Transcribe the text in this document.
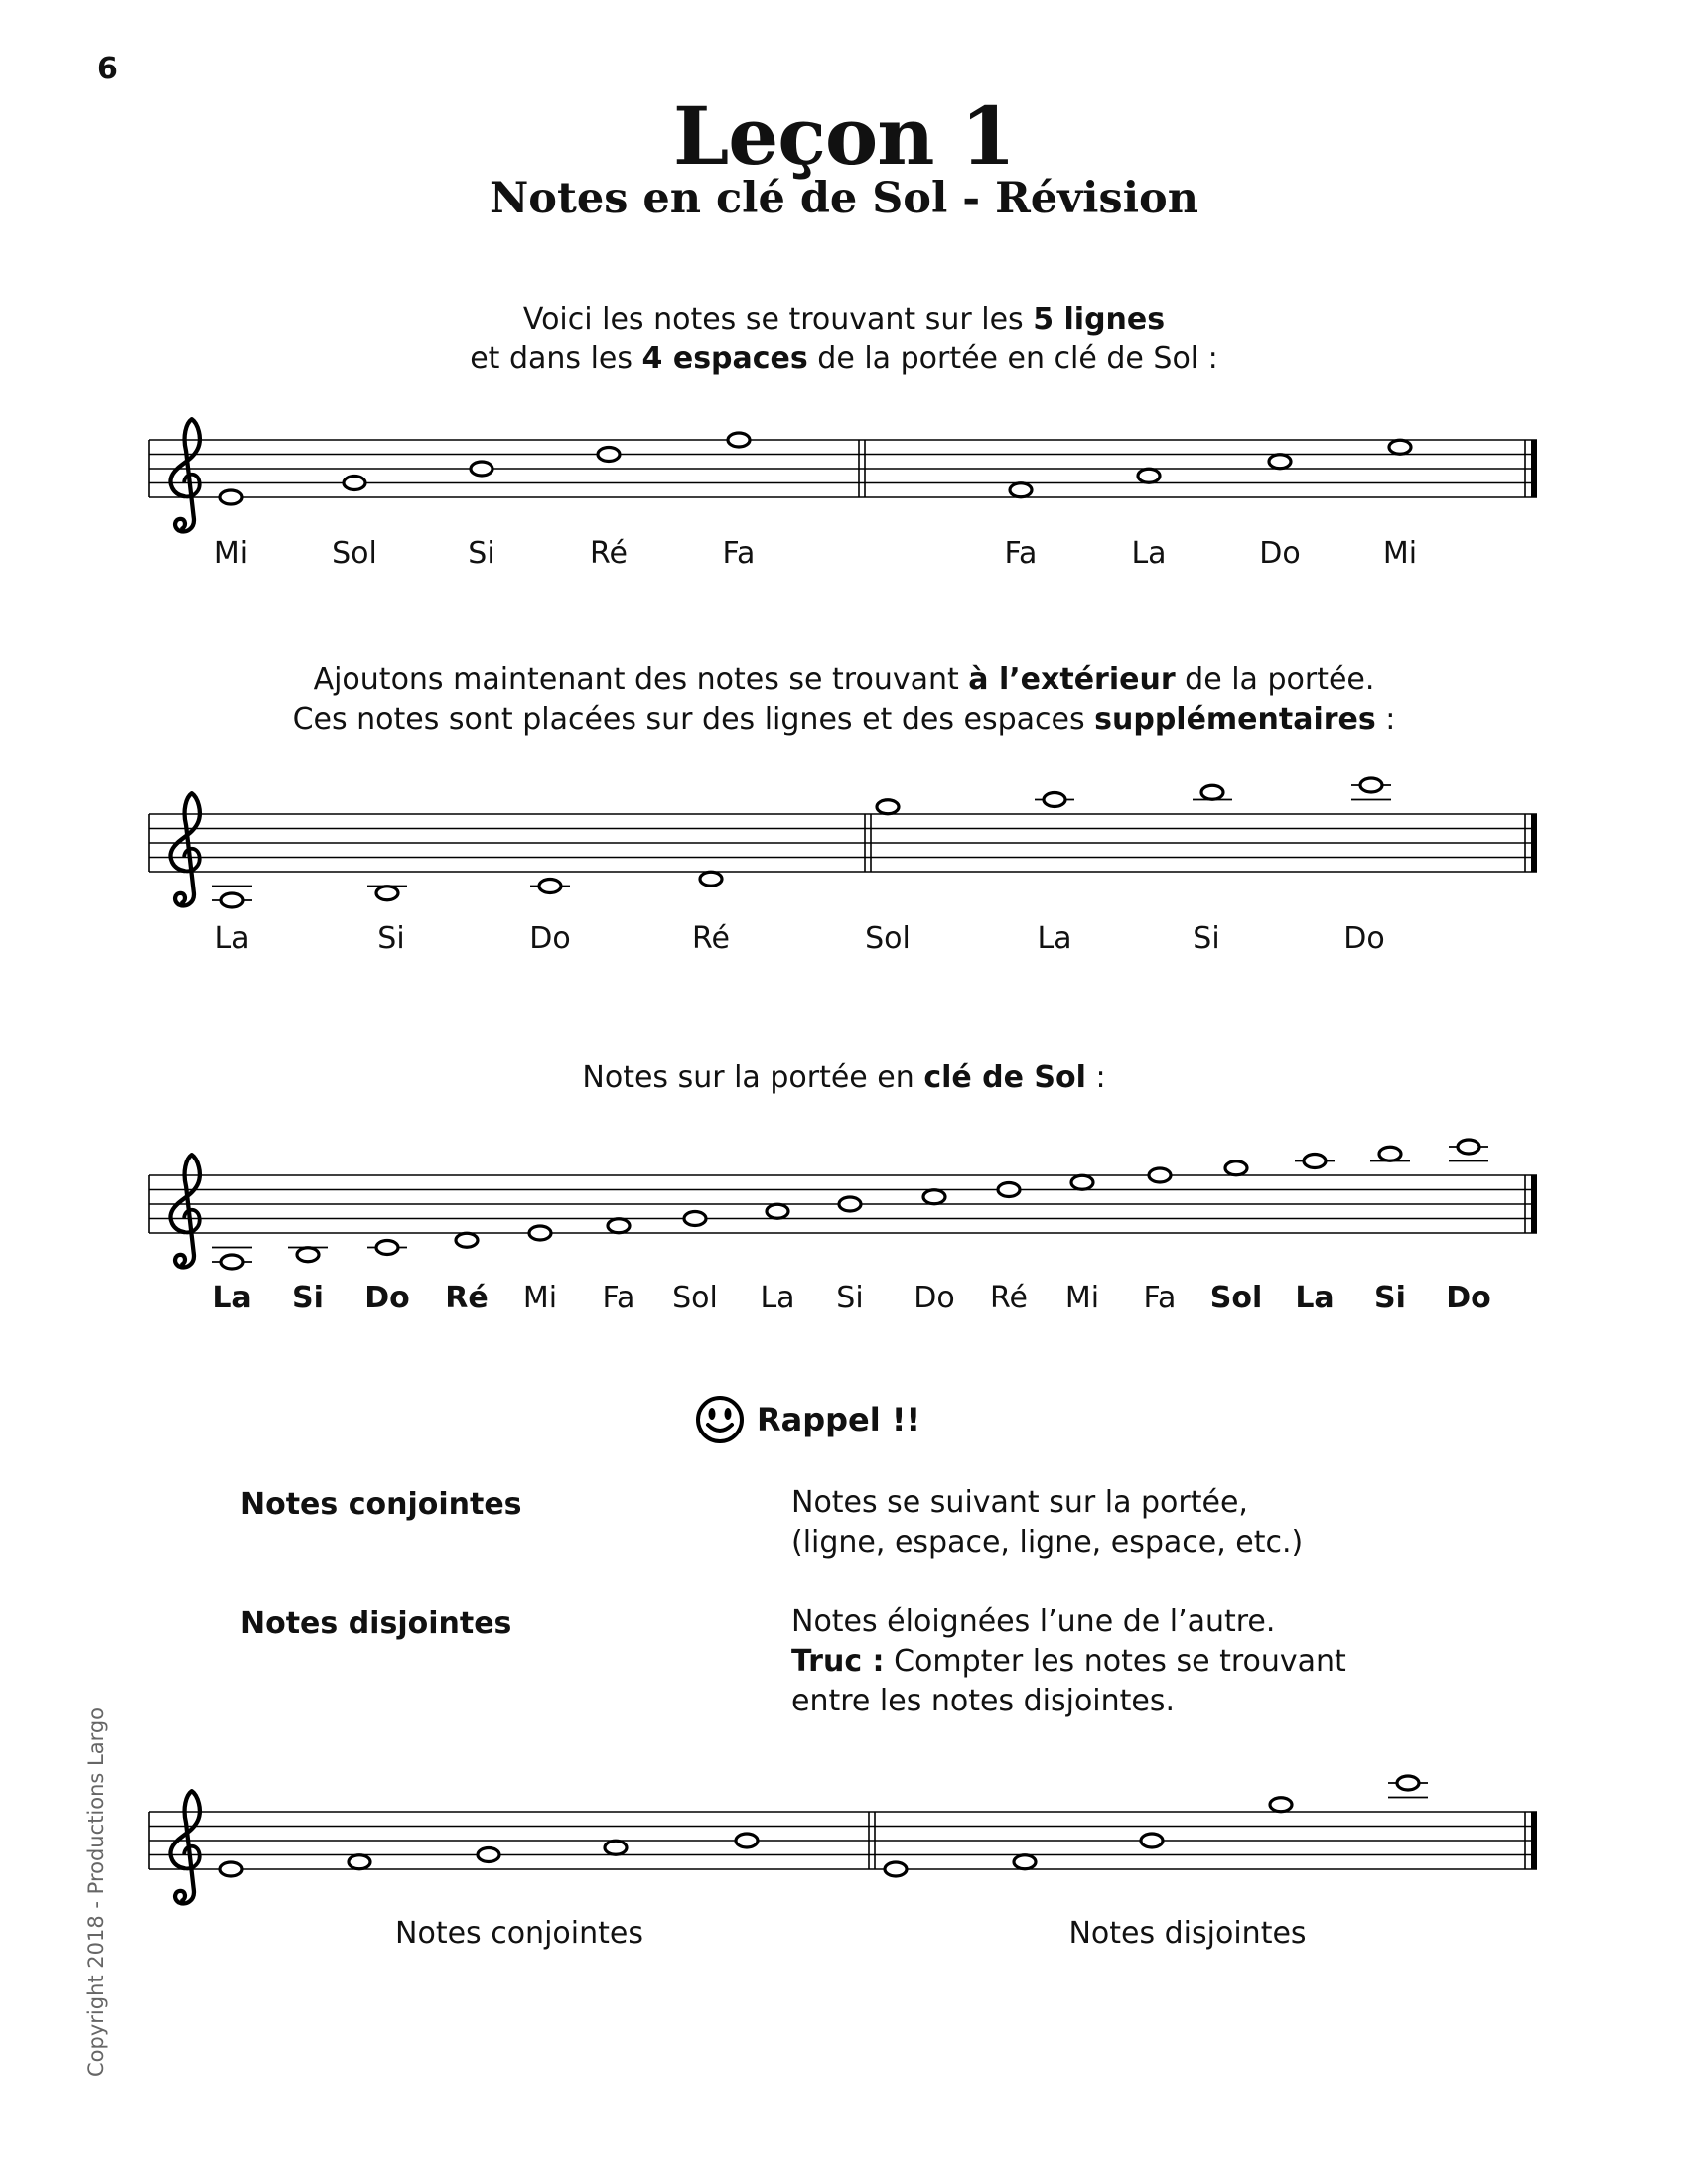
6
Leçon 1
Notes en clé de Sol - Révision
Voici les notes se trouvant sur les 5 lignes
et dans les 4 espaces de la portée en clé de Sol :
Ajoutons maintenant des notes se trouvant à l’extérieur de la portée.
Ces notes sont placées sur des lignes et des espaces supplémentaires :
Notes sur la portée en clé de Sol :
Mi	Sol	Si	Ré	Fa	Fa	La	Do	Mi
La	Si	Do	Ré	Sol	La	Si	Do
La Si Do Ré Mi Fa Sol La Si Do Ré Mi Fa Sol La Si Do
Rappel !!
Notes conjointes	Notes se suivant sur la portée,
(ligne, espace, ligne, espace, etc.)
Notes disjointes	Notes éloignées l’une de l’autre.
Truc : Compter les notes se trouvant
entre les notes disjointes.
Notes conjointes	Notes disjointes
Copyright 2018 - Productions Largo
